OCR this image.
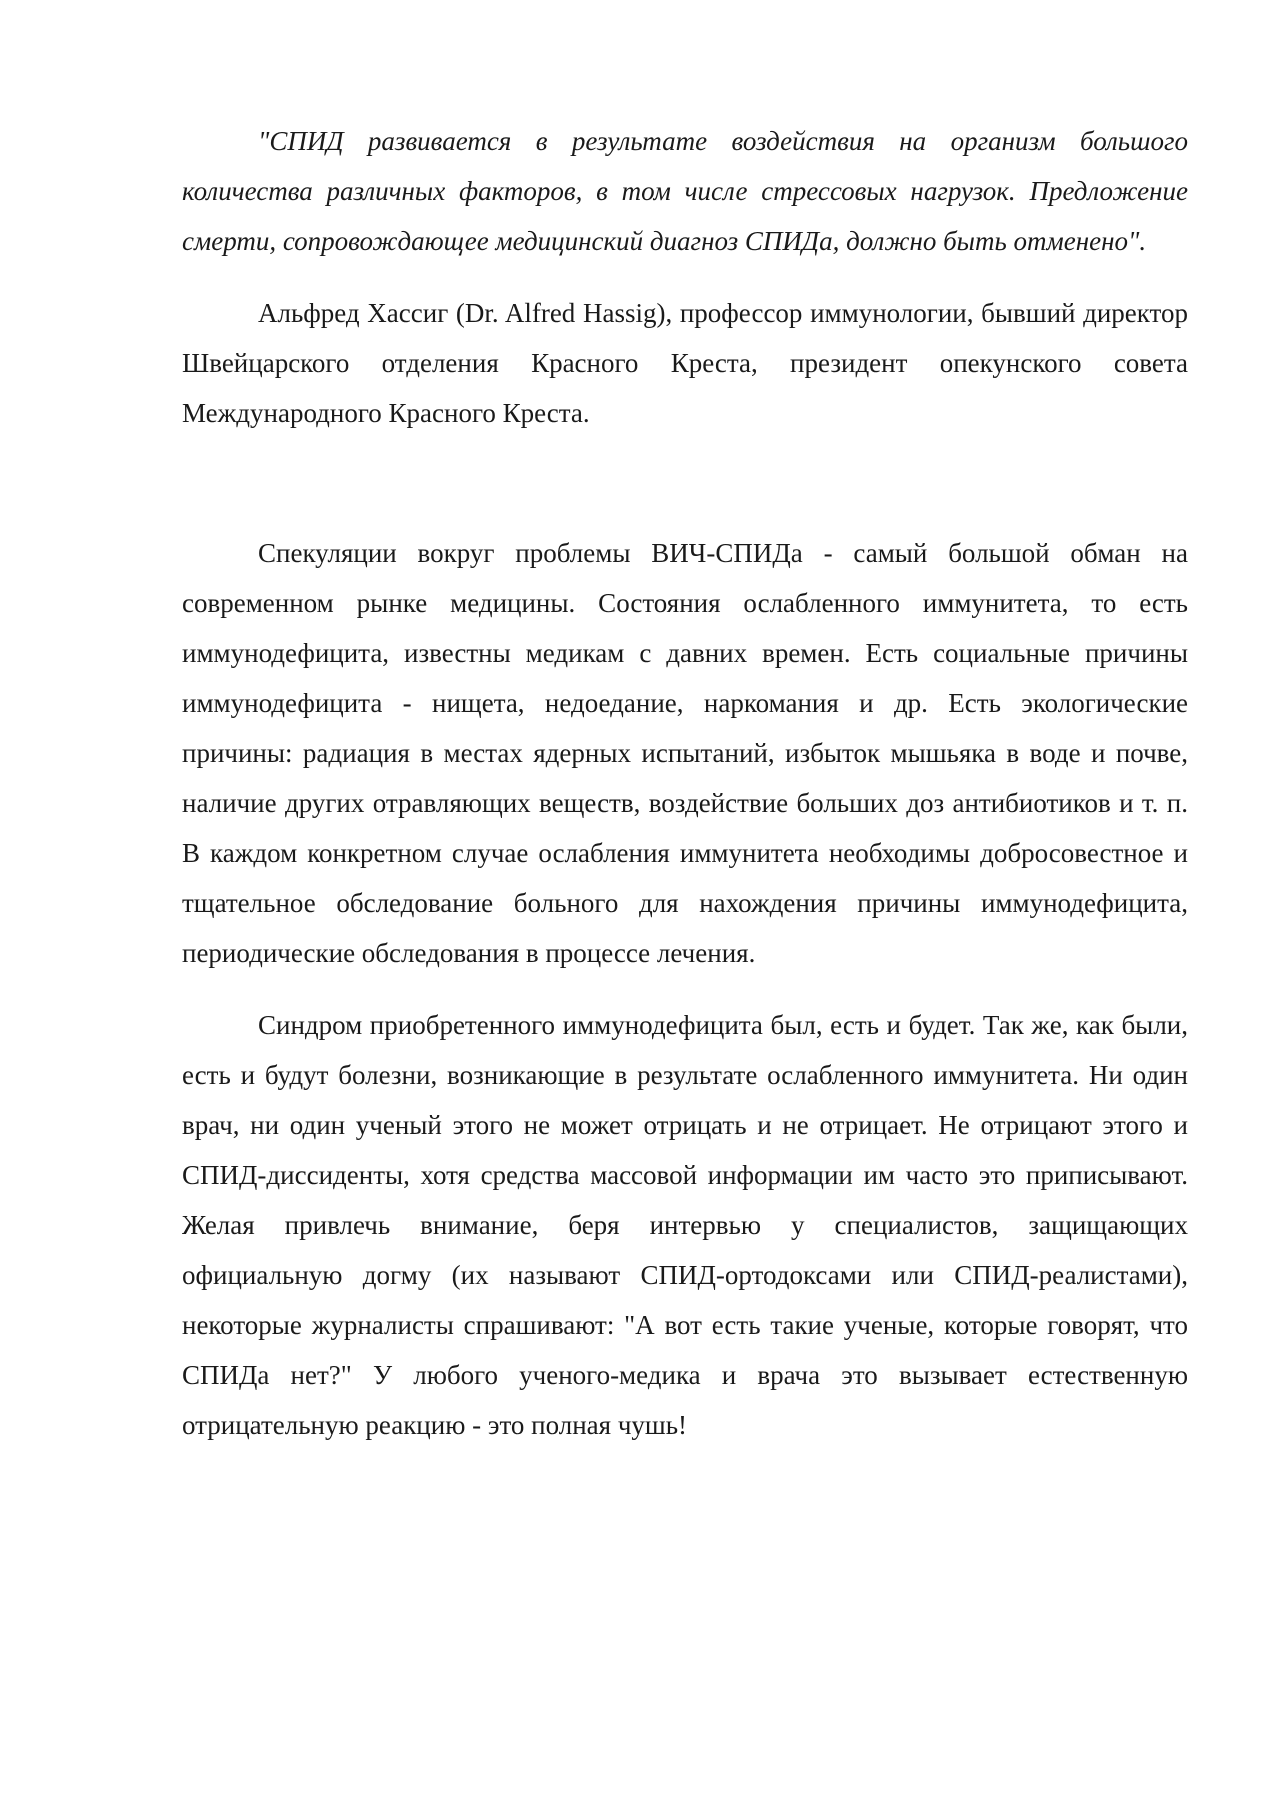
"СПИД развивается в результате воздействия на организм большого количества различных факторов, в том числе стрессовых нагрузок. Предложение смерти, сопровождающее медицинский диагноз СПИДа, должно быть отменено".

Альфред Хассиг (Dr. Alfred Hassig), профессор иммунологии, бывший директор Швейцарского отделения Красного Креста, президент опекунского совета Международного Красного Креста.

Спекуляции вокруг проблемы ВИЧ-СПИДа - самый большой обман на современном рынке медицины. Состояния ослабленного иммунитета, то есть иммунодефицита, известны медикам с давних времен. Есть социальные причины иммунодефицита - нищета, недоедание, наркомания и др. Есть экологические причины: радиация в местах ядерных испытаний, избыток мышьяка в воде и почве, наличие других отравляющих веществ, воздействие больших доз антибиотиков и т. п. В каждом конкретном случае ослабления иммунитета необходимы добросовестное и тщательное обследование больного для нахождения причины иммунодефицита, периодические обследования в процессе лечения.

Синдром приобретенного иммунодефицита был, есть и будет. Так же, как были, есть и будут болезни, возникающие в результате ослабленного иммунитета. Ни один врач, ни один ученый этого не может отрицать и не отрицает. Не отрицают этого и СПИД-диссиденты, хотя средства массовой информации им часто это приписывают. Желая привлечь внимание, беря интервью у специалистов, защищающих официальную догму (их называют СПИД-ортодоксами или СПИД-реалистами), некоторые журналисты спрашивают: "А вот есть такие ученые, которые говорят, что СПИДа нет?" У любого ученого-медика и врача это вызывает естественную отрицательную реакцию - это полная чушь!
